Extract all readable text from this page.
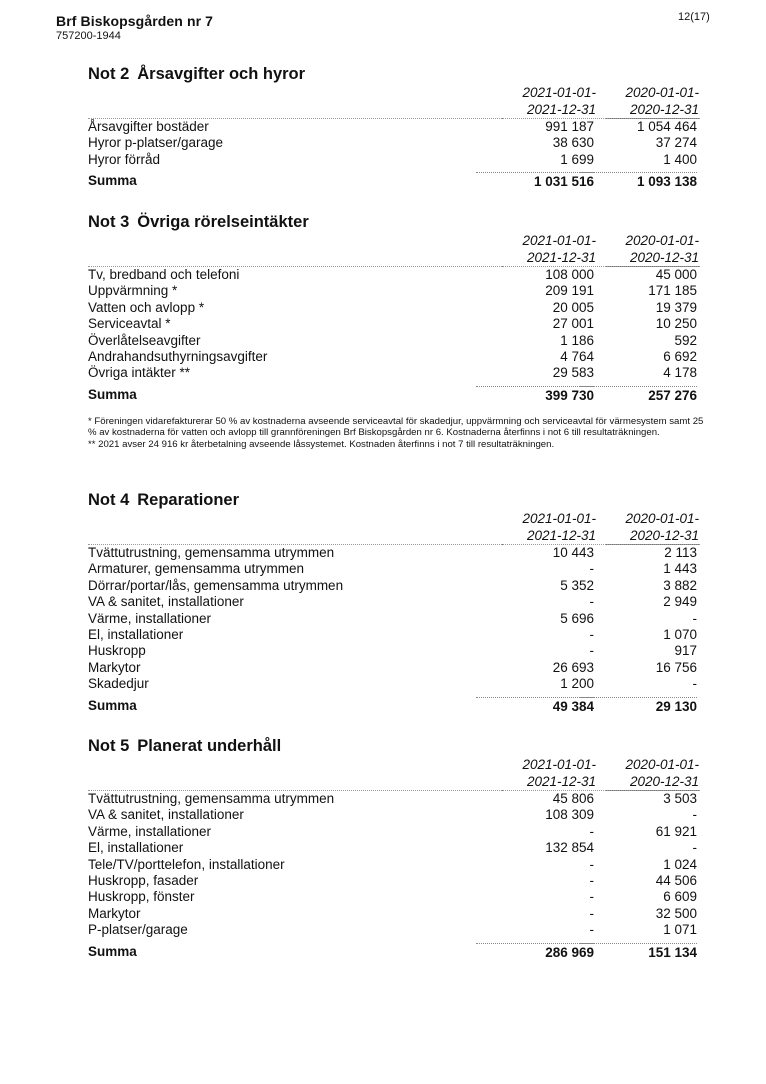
Brf Biskopsgården nr 7
757200-1944
12(17)
Not 2 Årsavgifter och hyror
2021-01-01-
2021-12-31
2020-01-01-
2020-12-31
Årsavgifter bostäder	991 187	1 054 464
Hyror p-platser/garage	38 630	37 274
Hyror förråd	1 699	1 400
Summa	1 031 516	1 093 138
Not 3 Övriga rörelseintäkter
2021-01-01-
2021-12-31
2020-01-01-
2020-12-31
Tv, bredband och telefoni	108 000	45 000
Uppvärmning *	209 191	171 185
Vatten och avlopp *	20 005	19 379
Serviceavtal *	27 001	10 250
Överlåtelseavgifter	1 186	592
Andrahandsuthyrningsavgifter	4 764	6 692
Övriga intäkter **	29 583	4 178
Summa	399 730	257 276

* Föreningen vidarefakturerar 50 % av kostnaderna avseende serviceavtal för skadedjur, uppvärmning och serviceavtal för värmesystem samt 25 % av kostnaderna för vatten och avlopp till grannföreningen Brf Biskopsgården nr 6. Kostnaderna återfinns i not 6 till resultaträkningen.

** 2021 avser 24 916 kr återbetalning avseende låssystemet. Kostnaden återfinns i not 7 till resultaträkningen.

Not 4 Reparationer
2021-01-01-
2021-12-31
2020-01-01-
2020-12-31
Tvättutrustning, gemensamma utrymmen	10 443	2 113
Armaturer, gemensamma utrymmen	-	1 443
Dörrar/portar/lås, gemensamma utrymmen	5 352	3 882
VA & sanitet, installationer	-	2 949
Värme, installationer	5 696	-
El, installationer	-	1 070
Huskropp	-	917
Markytor	26 693	16 756
Skadedjur	1 200	-
Summa	49 384	29 130
Not 5 Planerat underhåll
2021-01-01-
2021-12-31
2020-01-01-
2020-12-31
Tvättutrustning, gemensamma utrymmen	45 806	3 503
VA & sanitet, installationer	108 309	-
Värme, installationer	-	61 921
El, installationer	132 854	-
Tele/TV/porttelefon, installationer	-	1 024
Huskropp, fasader	-	44 506
Huskropp, fönster	-	6 609
Markytor	-	32 500
P-platser/garage	-	1 071
Summa	286 969	151 134
